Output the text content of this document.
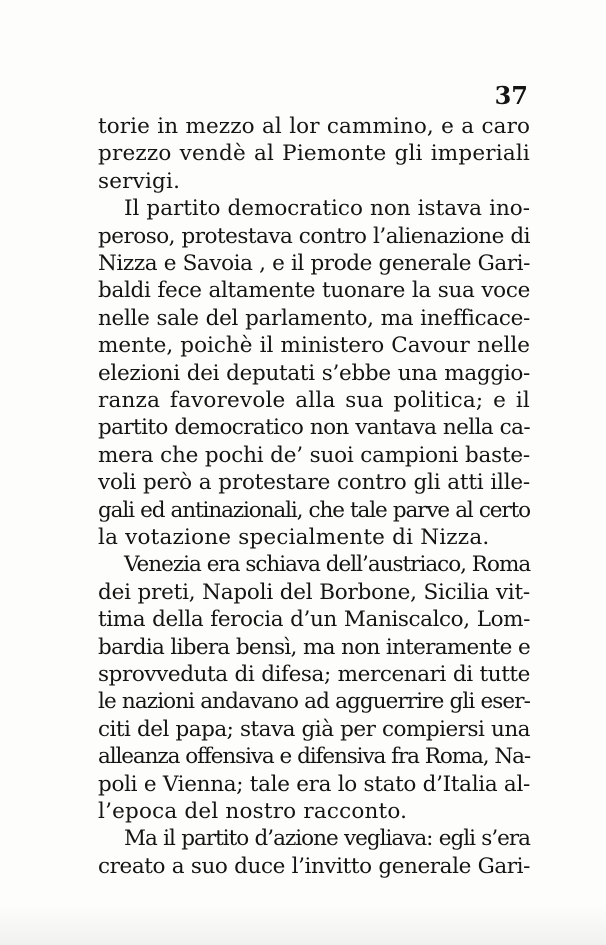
37
torie in mezzo al lor cammino, e a caro
prezzo vendè al Piemonte gli imperiali
servigi.
Il partito democratico non istava ino-
peroso, protestava contro l’alienazione di
Nizza e Savoia , e il prode generale Gari-
baldi fece altamente tuonare la sua voce
nelle sale del parlamento, ma inefficace-
mente, poichè il ministero Cavour nelle
elezioni dei deputati s’ebbe una maggio-
ranza favorevole alla sua politica; e il
partito democratico non vantava nella ca-
mera che pochi de’ suoi campioni baste-
voli però a protestare contro gli atti ille-
gali ed antinazionali, che tale parve al certo
la votazione specialmente di Nizza.
Venezia era schiava dell’austriaco, Roma
dei preti, Napoli del Borbone, Sicilia vit-
tima della ferocia d’un Maniscalco, Lom-
bardia libera bensì, ma non interamente e
sprovveduta di difesa; mercenari di tutte
le nazioni andavano ad agguerrire gli eser-
citi del papa; stava già per compiersi una
alleanza offensiva e difensiva fra Roma, Na-
poli e Vienna; tale era lo stato d’Italia al-
l’epoca del nostro racconto.
Ma il partito d’azione vegliava: egli s’era
creato a suo duce l’invitto generale Gari-
